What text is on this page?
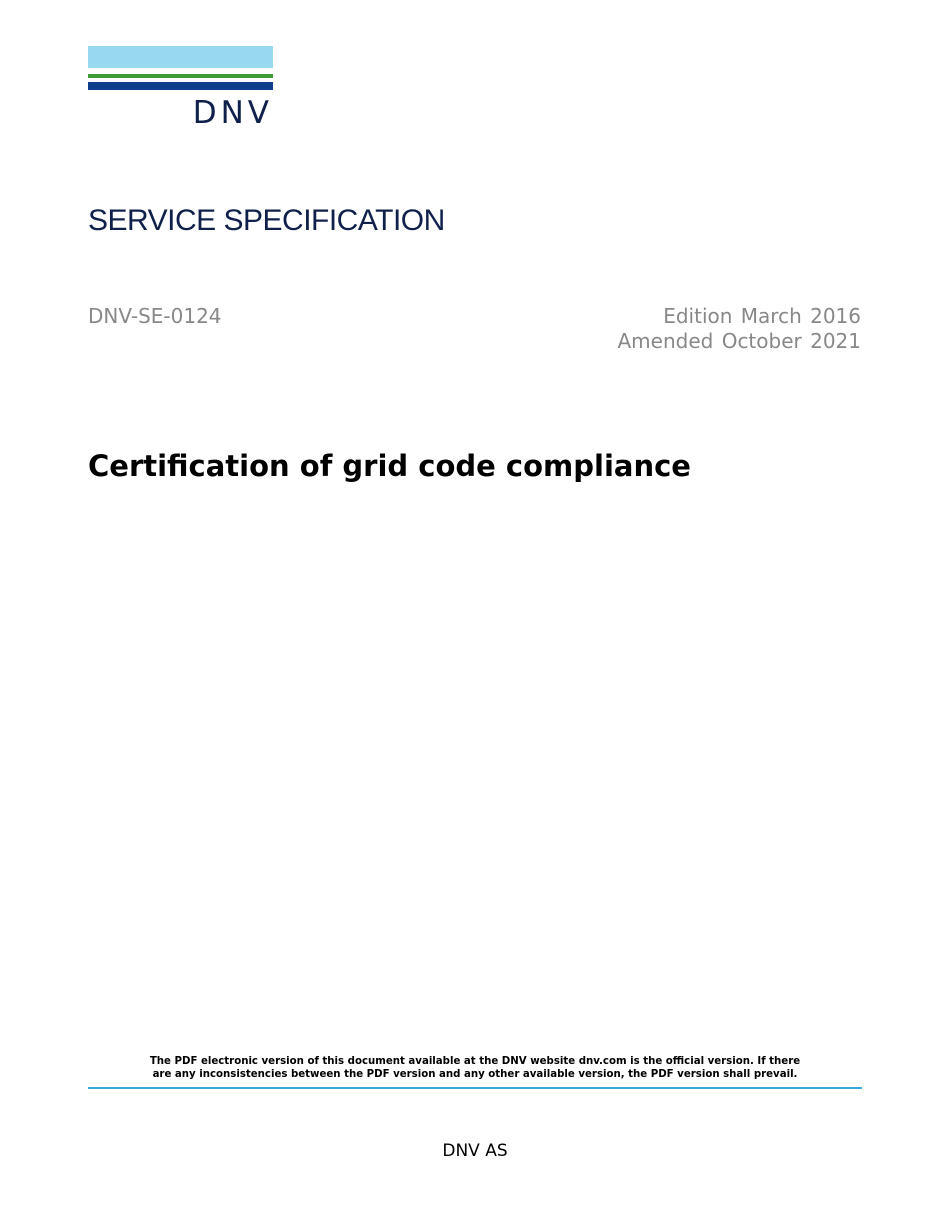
DNV
SERVICE SPECIFICATION
DNV-SE-0124	Edition March 2016
Amended October 2021
Certification of grid code compliance
The PDF electronic version of this document available at the DNV website dnv.com is the official version. If there
are any inconsistencies between the PDF version and any other available version, the PDF version shall prevail.
DNV AS
